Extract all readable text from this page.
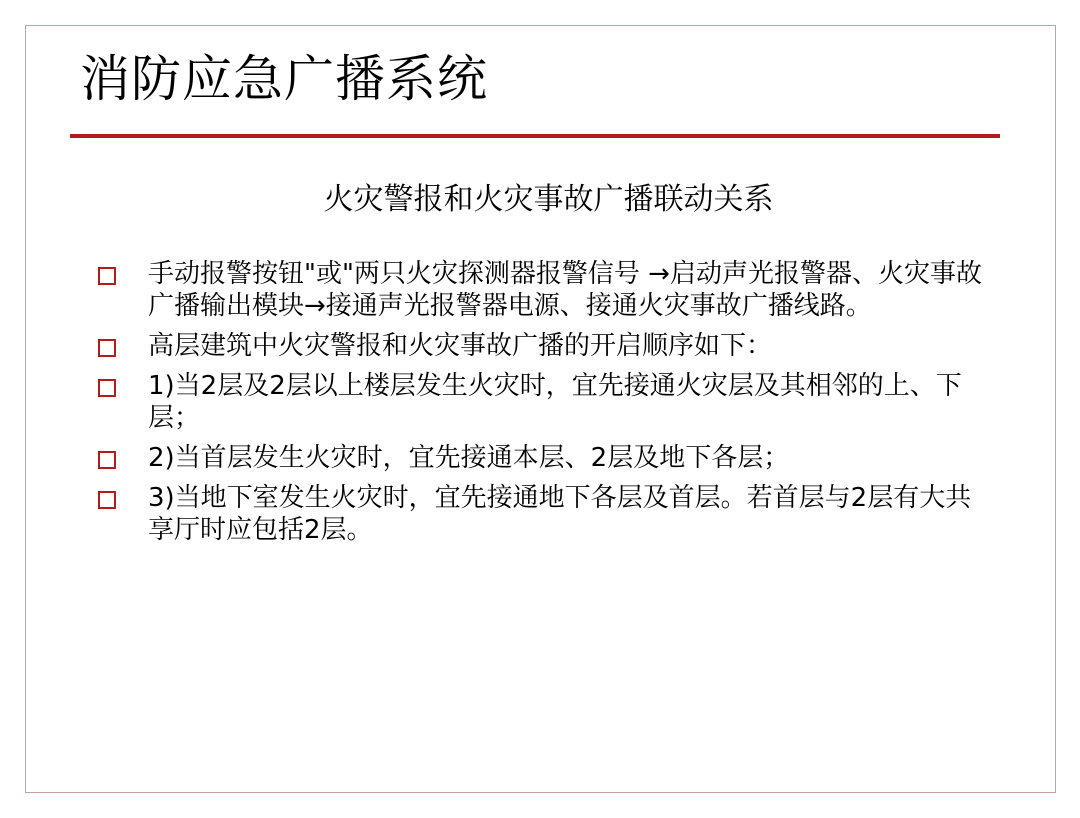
消防应急广播系统
火灾警报和火灾事故广播联动关系
手动报警按钮"或"两只火灾探测器报警信号 →启动声光报警器、火灾事故广播输出模块→接通声光报警器电源、接通火灾事故广播线路。
高层建筑中火灾警报和火灾事故广播的开启顺序如下：
1)当2层及2层以上楼层发生火灾时，宜先接通火灾层及其相邻的上、下层；
2)当首层发生火灾时，宜先接通本层、2层及地下各层；
3)当地下室发生火灾时，宜先接通地下各层及首层。若首层与2层有大共享厅时应包括2层。
